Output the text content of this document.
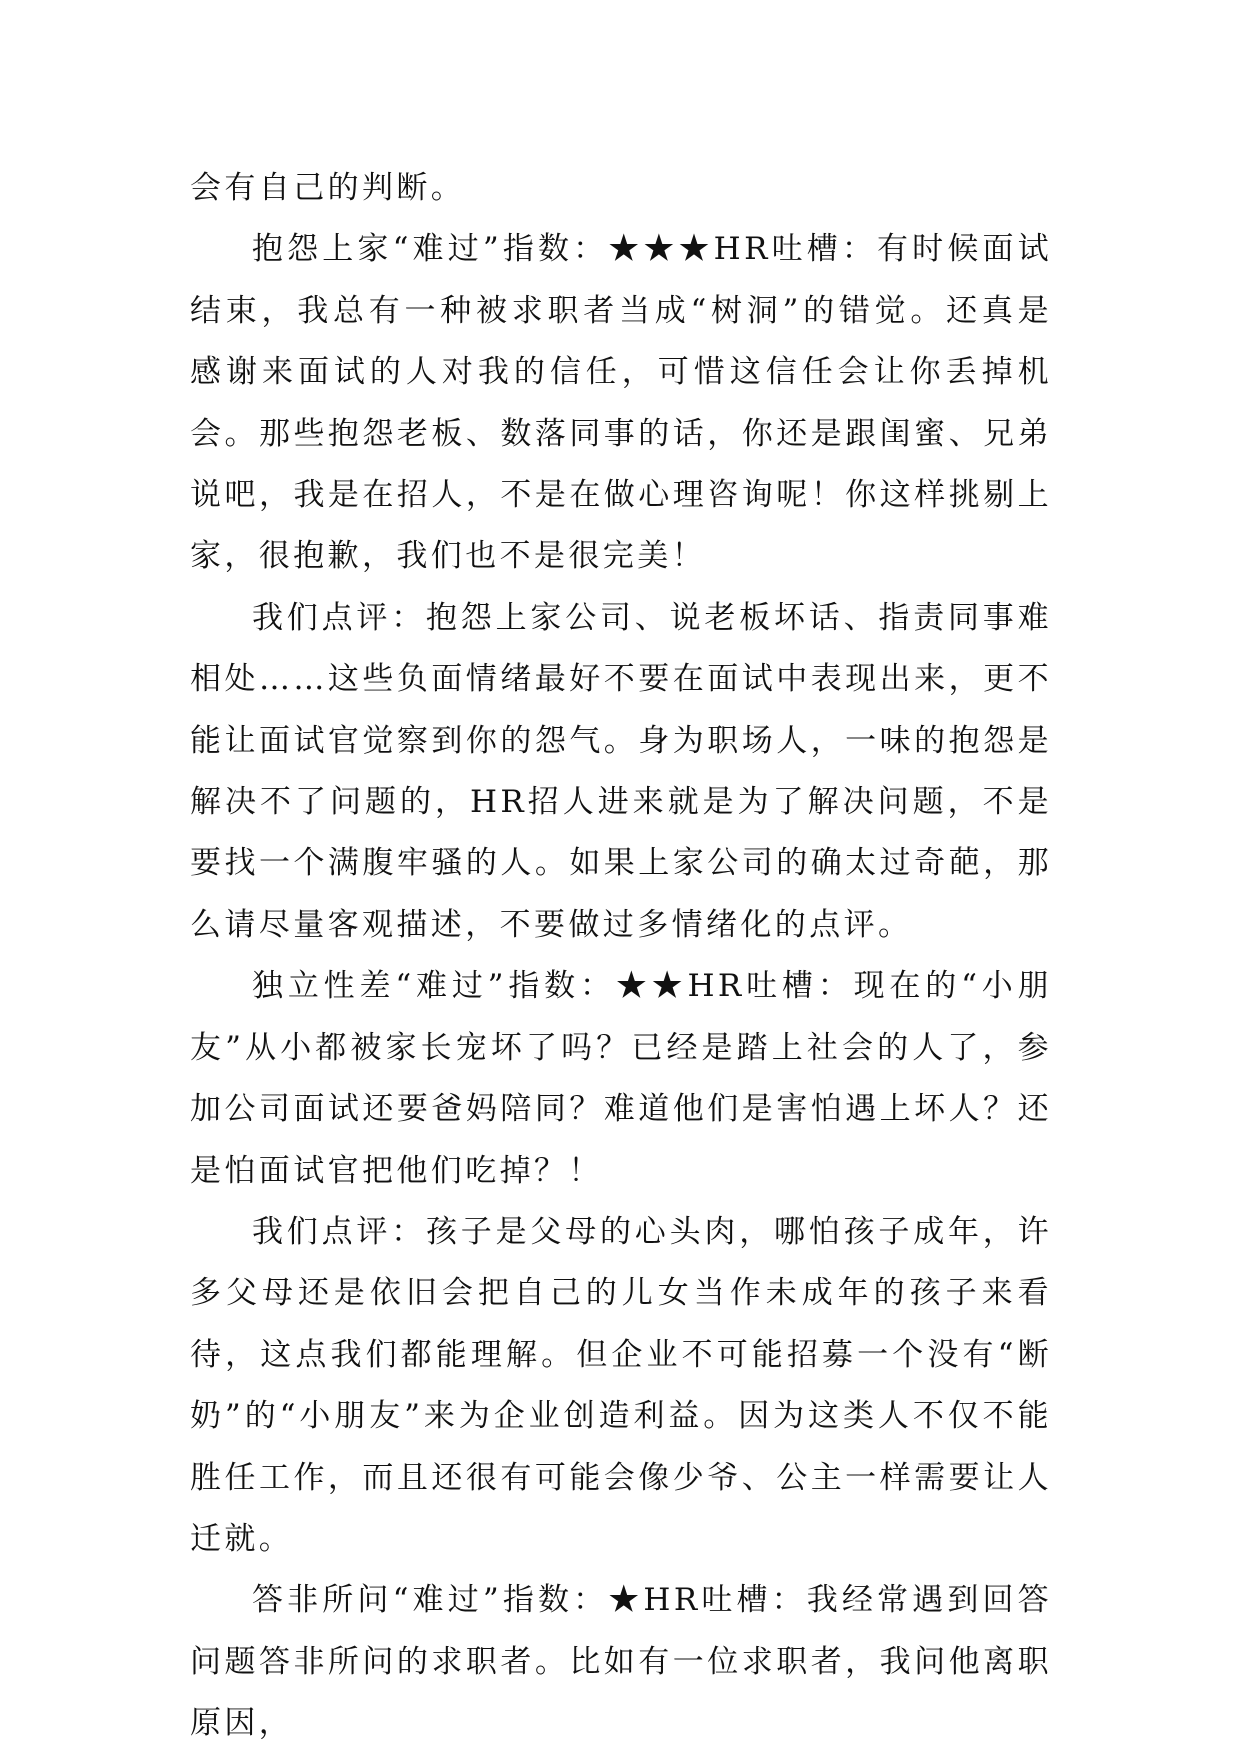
会有自己的判断。

抱怨上家“难过”指数：★★★HR吐槽：有时候面试结束，我总有一种被求职者当成“树洞”的错觉。还真是感谢来面试的人对我的信任，可惜这信任会让你丢掉机会。那些抱怨老板、数落同事的话，你还是跟闺蜜、兄弟说吧，我是在招人，不是在做心理咨询呢！你这样挑剔上家，很抱歉，我们也不是很完美！

我们点评：抱怨上家公司、说老板坏话、指责同事难相处……这些负面情绪最好不要在面试中表现出来，更不能让面试官觉察到你的怨气。身为职场人，一味的抱怨是解决不了问题的，HR招人进来就是为了解决问题，不是要找一个满腹牢骚的人。如果上家公司的确太过奇葩，那么请尽量客观描述，不要做过多情绪化的点评。

独立性差“难过”指数：★★HR吐槽：现在的“小朋友”从小都被家长宠坏了吗？已经是踏上社会的人了，参加公司面试还要爸妈陪同？难道他们是害怕遇上坏人？还是怕面试官把他们吃掉？！

我们点评：孩子是父母的心头肉，哪怕孩子成年，许多父母还是依旧会把自己的儿女当作未成年的孩子来看待，这点我们都能理解。但企业不可能招募一个没有“断奶”的“小朋友”来为企业创造利益。因为这类人不仅不能胜任工作，而且还很有可能会像少爷、公主一样需要让人迁就。

答非所问“难过”指数：★HR吐槽：我经常遇到回答问题答非所问的求职者。比如有一位求职者，我问他离职原因，
